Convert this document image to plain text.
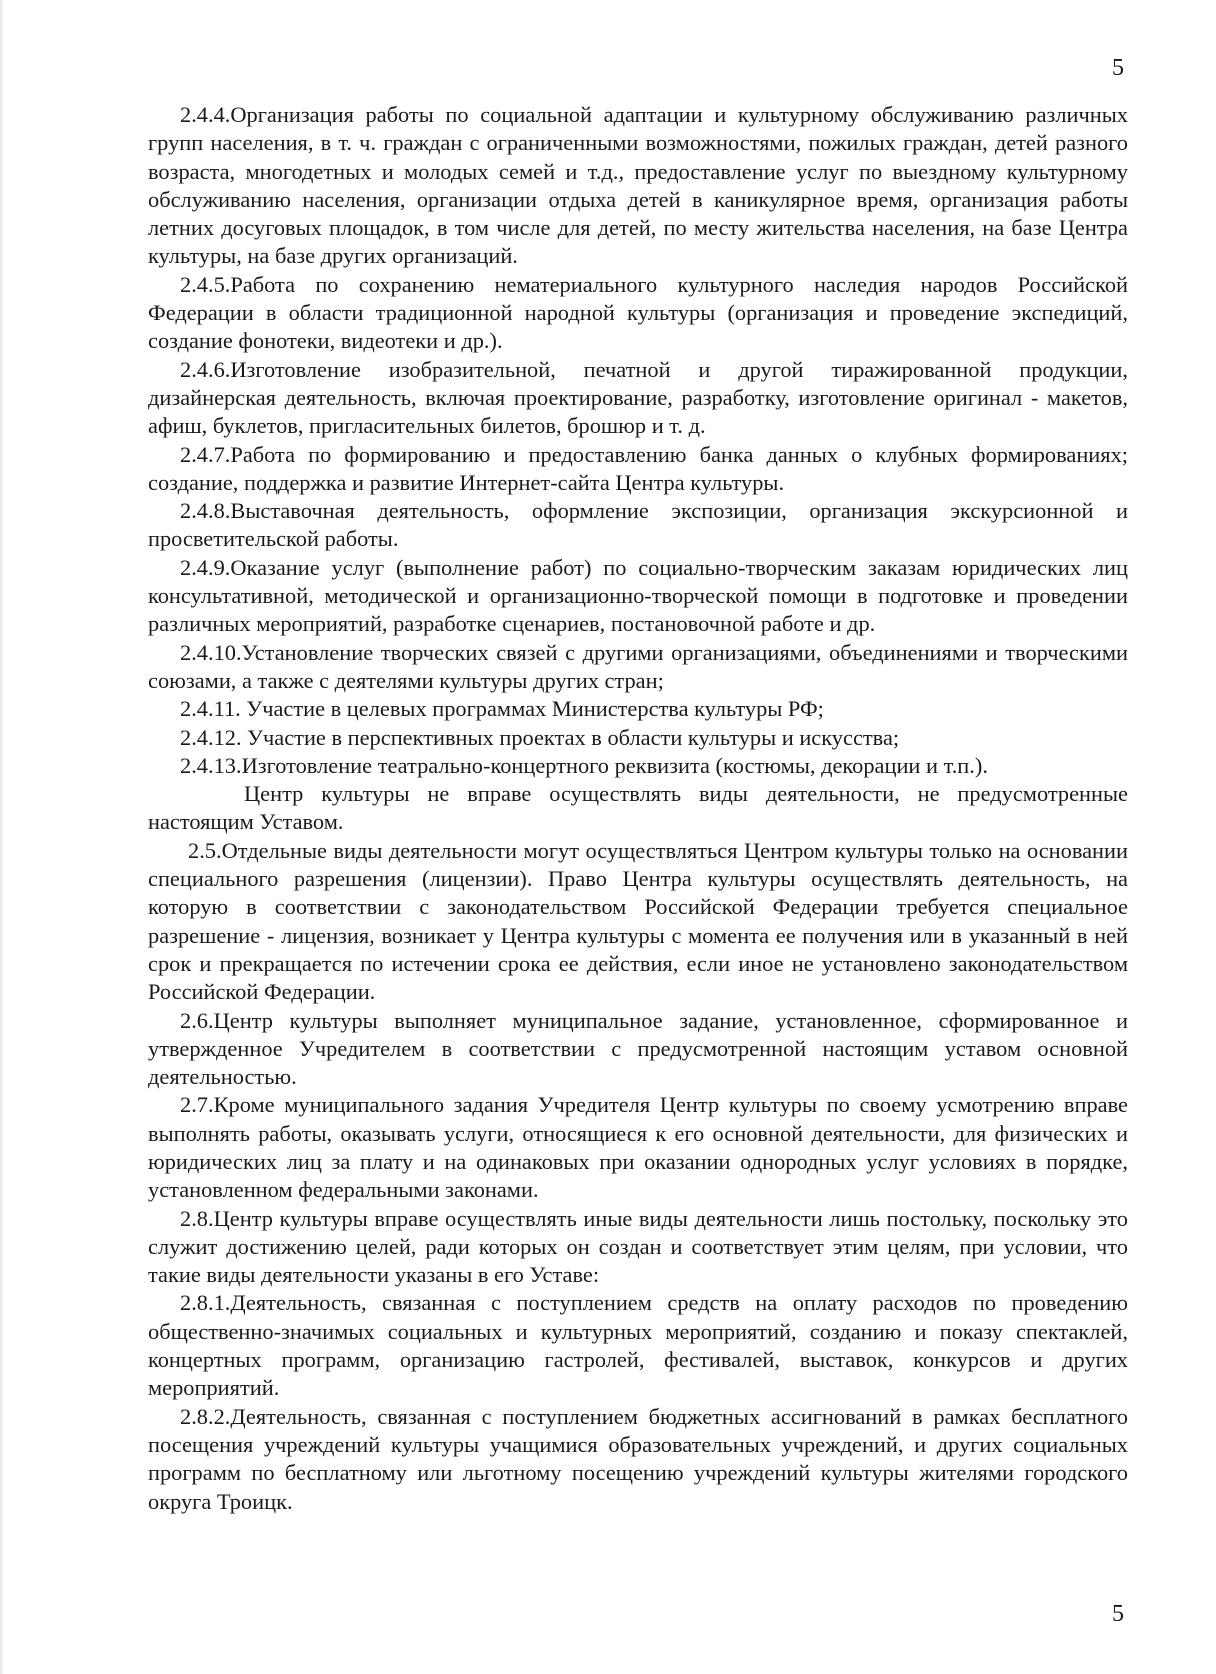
5

2.4.4.Организация работы по социальной адаптации и культурному обслуживанию различных групп населения, в т. ч. граждан с ограниченными возможностями, пожилых граждан, детей разного возраста, многодетных и молодых семей и т.д., предоставление услуг по выездному культурному обслуживанию населения, организации отдыха детей в каникулярное время, организация работы летних досуговых площадок, в том числе для детей, по месту жительства населения, на базе Центра культуры, на базе других организаций.

2.4.5.Работа по сохранению нематериального культурного наследия народов Российской Федерации в области традиционной народной культуры (организация и проведение экспедиций, создание фонотеки, видеотеки и др.).

2.4.6.Изготовление изобразительной, печатной и другой тиражированной продукции, дизайнерская деятельность, включая проектирование, разработку, изготовление оригинал - макетов, афиш, буклетов, пригласительных билетов, брошюр и т. д.

2.4.7.Работа по формированию и предоставлению банка данных о клубных формированиях; создание, поддержка и развитие Интернет-сайта Центра культуры.

2.4.8.Выставочная деятельность, оформление экспозиции, организация экскурсионной и просветительской работы.

2.4.9.Оказание услуг (выполнение работ) по социально-творческим заказам юридических лиц консультативной, методической и организационно-творческой помощи в подготовке и проведении различных мероприятий, разработке сценариев, постановочной работе и др.

2.4.10.Установление творческих связей с другими организациями, объединениями и творческими союзами, а также с деятелями культуры других стран;

2.4.11. Участие в целевых программах Министерства культуры РФ;

2.4.12. Участие в перспективных проектах в области культуры и искусства;

2.4.13.Изготовление театрально-концертного реквизита (костюмы, декорации и т.п.).

Центр культуры не вправе осуществлять виды деятельности, не предусмотренные настоящим Уставом.

2.5.Отдельные виды деятельности могут осуществляться Центром культуры только на основании специального разрешения (лицензии). Право Центра культуры осуществлять деятельность, на которую в соответствии с законодательством Российской Федерации требуется специальное разрешение - лицензия, возникает у Центра культуры с момента ее получения или в указанный в ней срок и прекращается по истечении срока ее действия, если иное не установлено законодательством Российской Федерации.

2.6.Центр культуры выполняет муниципальное задание, установленное, сформированное и утвержденное Учредителем в соответствии с предусмотренной настоящим уставом основной деятельностью.

2.7.Кроме муниципального задания Учредителя Центр культуры по своему усмотрению вправе выполнять работы, оказывать услуги, относящиеся к его основной деятельности, для физических и юридических лиц за плату и на одинаковых при оказании однородных услуг условиях в порядке, установленном федеральными законами.

2.8.Центр культуры вправе осуществлять иные виды деятельности лишь постольку, поскольку это служит достижению целей, ради которых он создан и соответствует этим целям, при условии, что такие виды деятельности указаны в его Уставе:

2.8.1.Деятельность, связанная с поступлением средств на оплату расходов по проведению общественно-значимых социальных и культурных мероприятий, созданию и показу спектаклей, концертных программ, организацию гастролей, фестивалей, выставок, конкурсов и других мероприятий.

2.8.2.Деятельность, связанная с поступлением бюджетных ассигнований в рамках бесплатного посещения учреждений культуры учащимися образовательных учреждений, и других социальных программ по бесплатному или льготному посещению учреждений культуры жителями городского округа Троицк.

5
